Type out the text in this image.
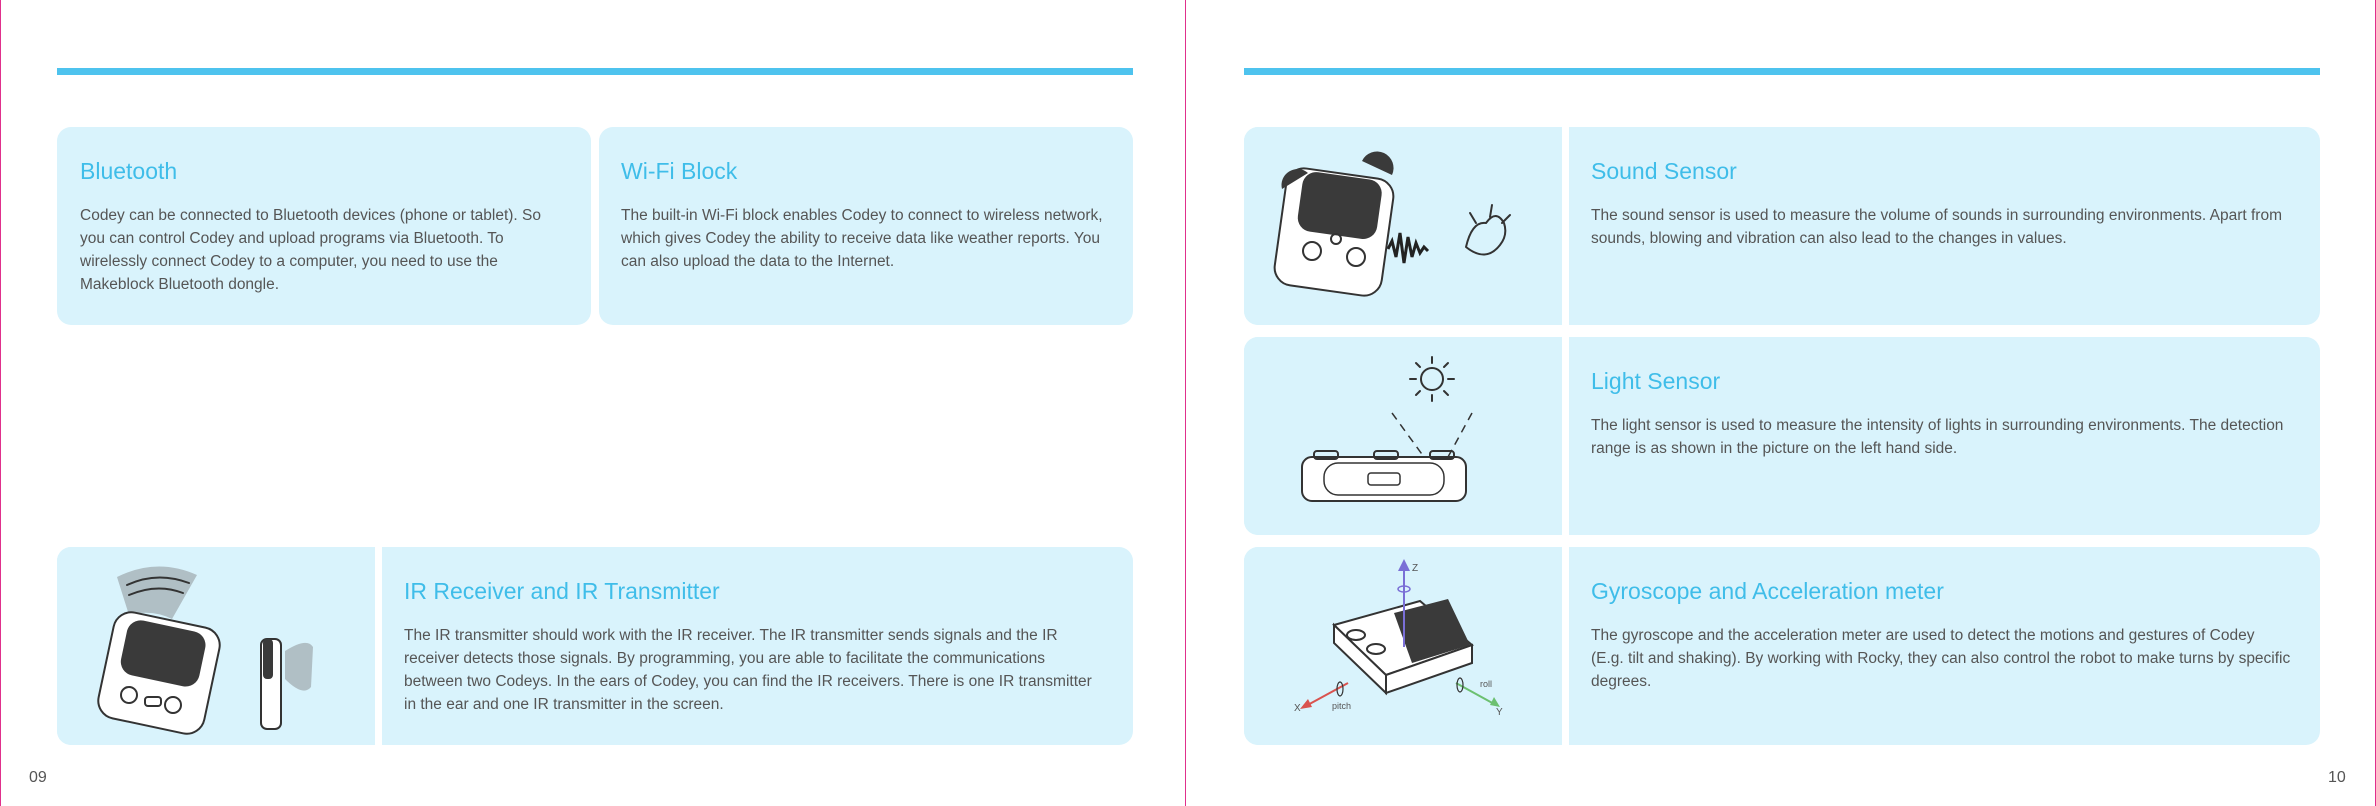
Bluetooth
Codey can be connected to Bluetooth devices (phone or tablet). So you can control Codey and upload programs via Bluetooth. To wirelessly connect Codey to a computer, you need to use the Makeblock Bluetooth dongle.
Wi-Fi Block
The built-in Wi-Fi block enables Codey to connect to wireless network, which gives Codey the ability to receive data like weather reports. You can also upload the data to the Internet.
IR Receiver and IR Transmitter
The IR transmitter should work with the IR receiver. The IR transmitter sends signals and the IR receiver detects those signals. By programming, you are able to facilitate the communications between two Codeys. In the ears of Codey, you can find the IR receivers. There is one IR transmitter in the ear and one IR transmitter in the screen.
09
Sound Sensor
The sound sensor is used to measure the volume of sounds in surrounding environments. Apart from sounds, blowing and vibration can also lead to the changes in values.
Light Sensor
The light sensor is used to measure the intensity of lights in surrounding environments. The detection range is as shown in the picture on the left hand side.
Z
X	pitch
Y
roll
Gyroscope and Acceleration meter
The gyroscope and the acceleration meter are used to detect the motions and gestures of Codey (E.g. tilt and shaking). By working with Rocky, they can also control the robot to make turns by specific degrees.
10
